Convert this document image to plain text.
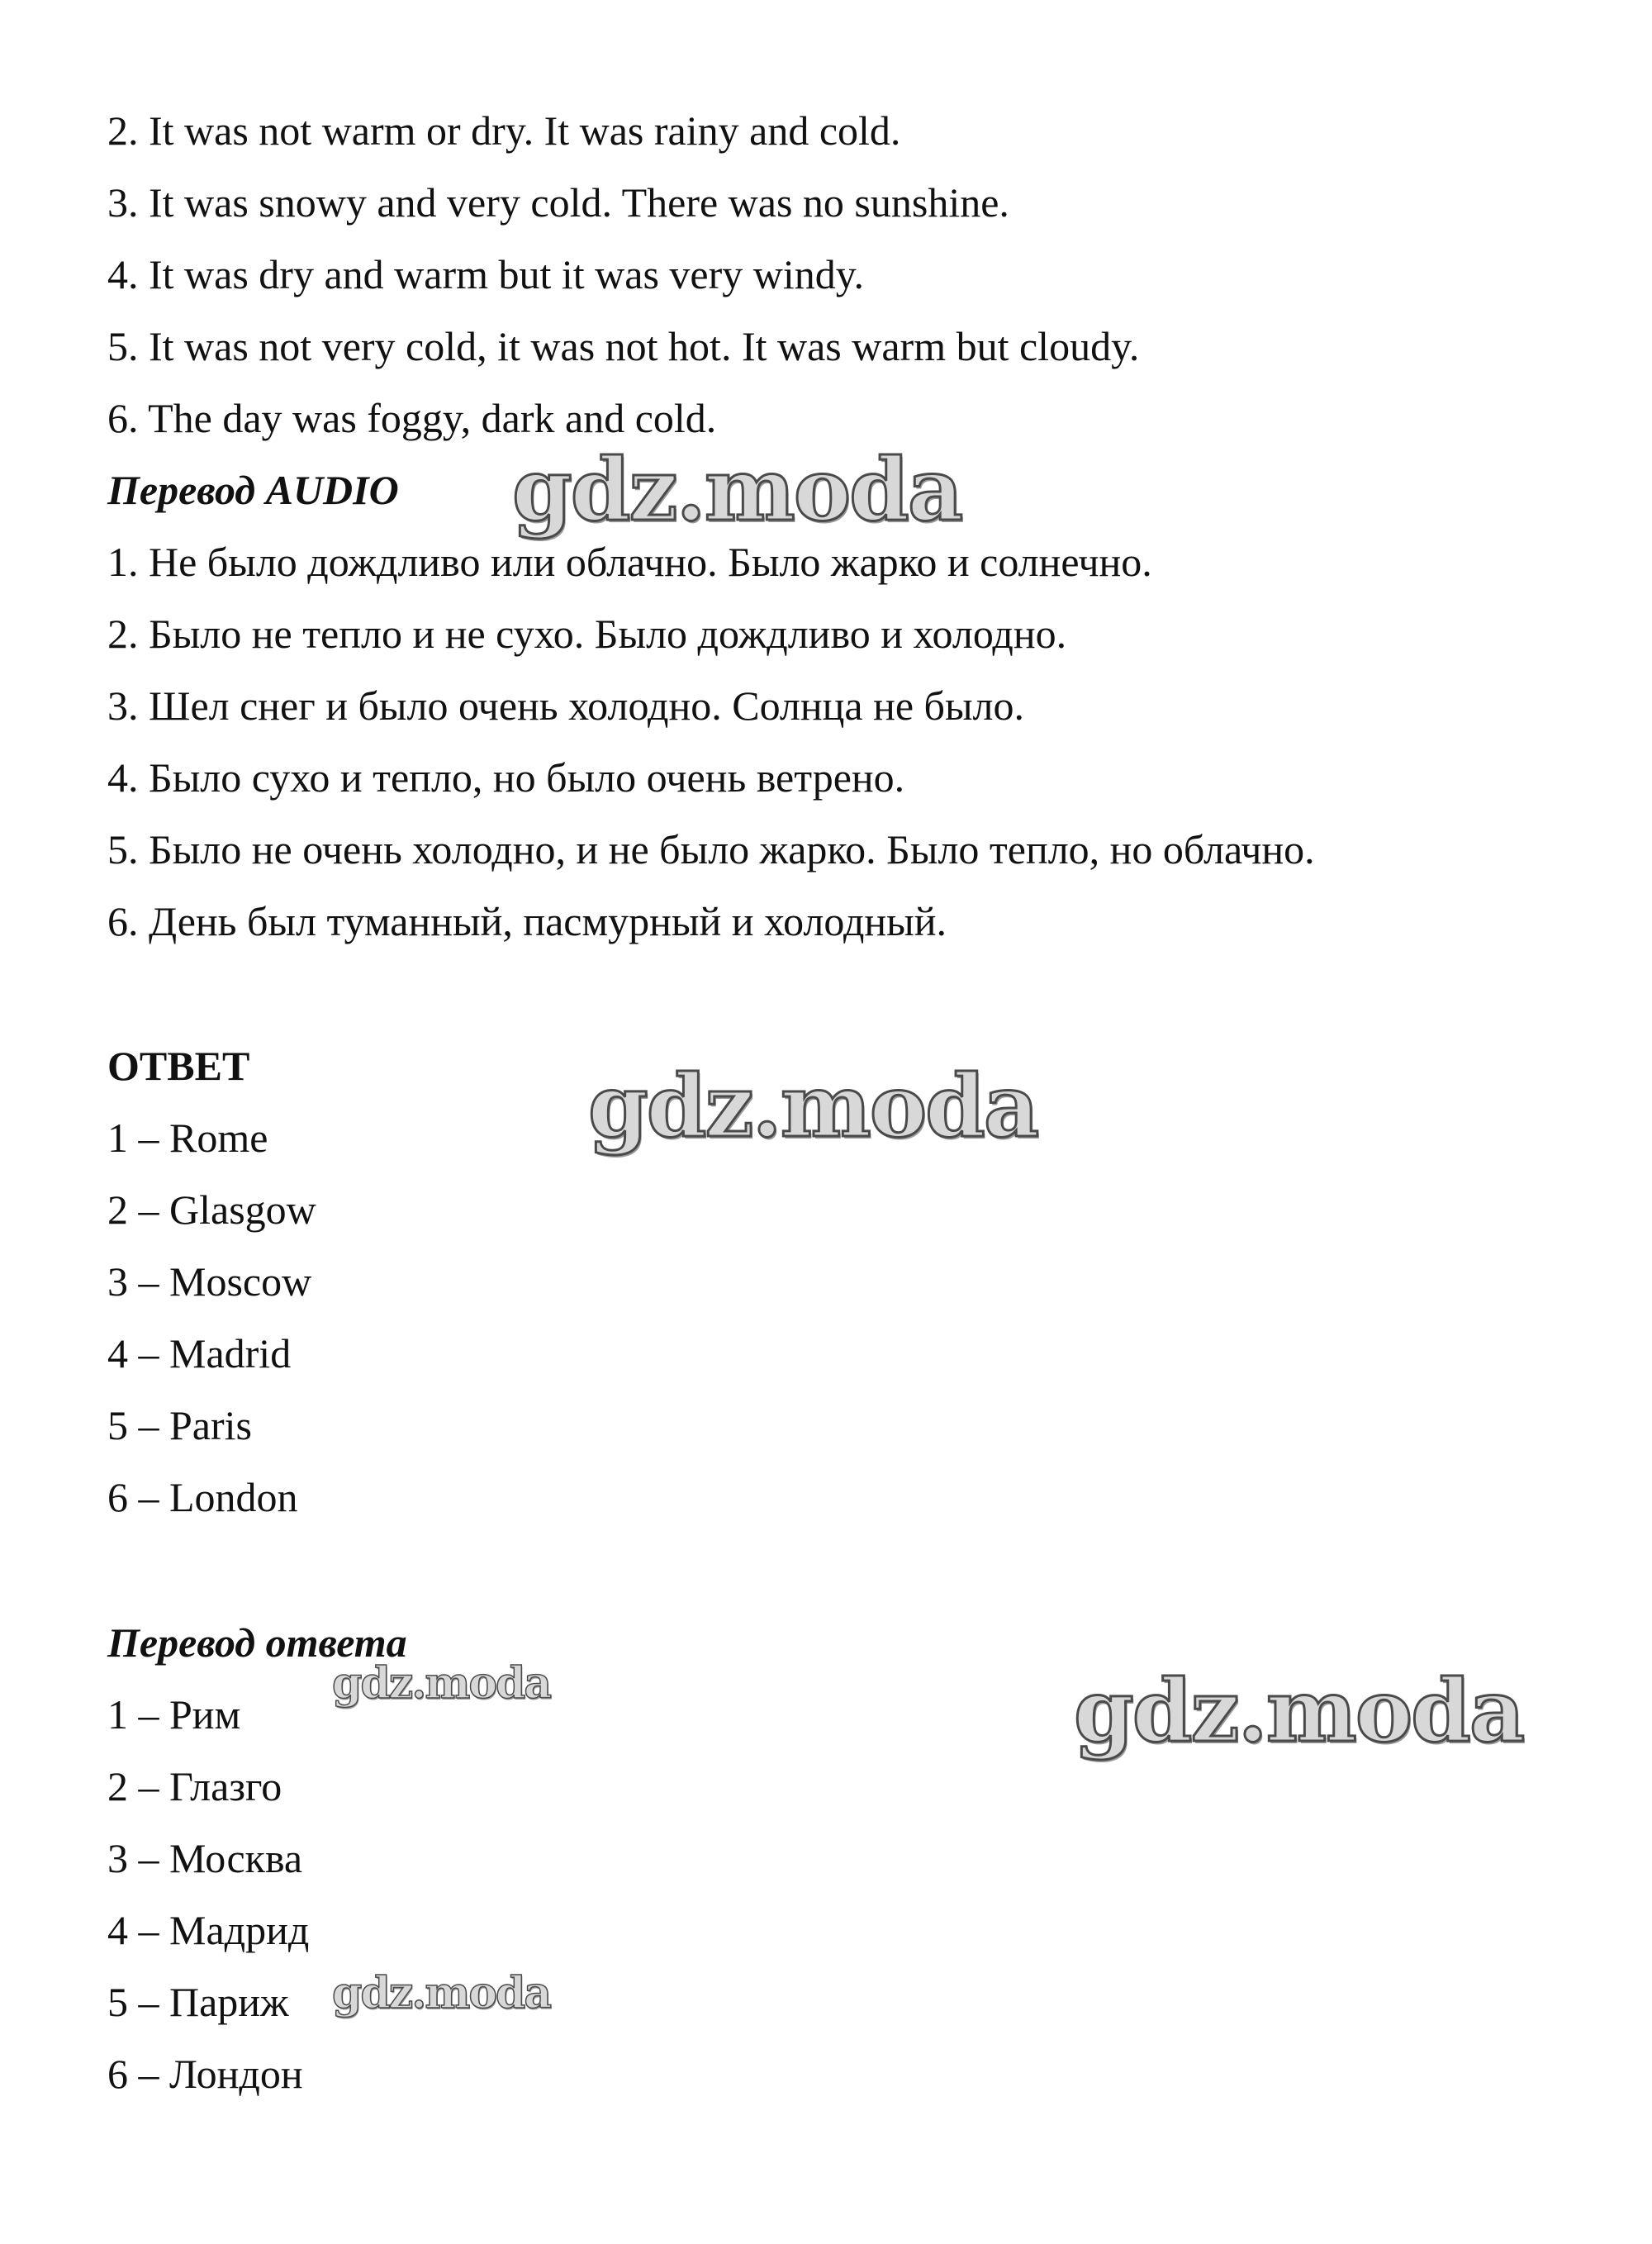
2. It was not warm or dry. It was rainy and cold.
3. It was snowy and very cold. There was no sunshine.
4. It was dry and warm but it was very windy.
5. It was not very cold, it was not hot. It was warm but cloudy.
6. The day was foggy, dark and cold.
Перевод AUDIO
1. Не было дождливо или облачно. Было жарко и солнечно.
2. Было не тепло и не сухо. Было дождливо и холодно.
3. Шел снег и было очень холодно. Солнца не было.
4. Было сухо и тепло, но было очень ветрено.
5. Было не очень холодно, и не было жарко. Было тепло, но облачно.
6. День был туманный, пасмурный и холодный.
ОТВЕТ
1 – Rome
2 – Glasgow
3 – Moscow
4 – Madrid
5 – Paris
6 – London
Перевод ответа
1 – Рим
2 – Глазго
3 – Москва
4 – Мадрид
5 – Париж
6 – Лондон
gdz.moda
gdz.moda
gdz.moda
gdz.moda
gdz.moda
